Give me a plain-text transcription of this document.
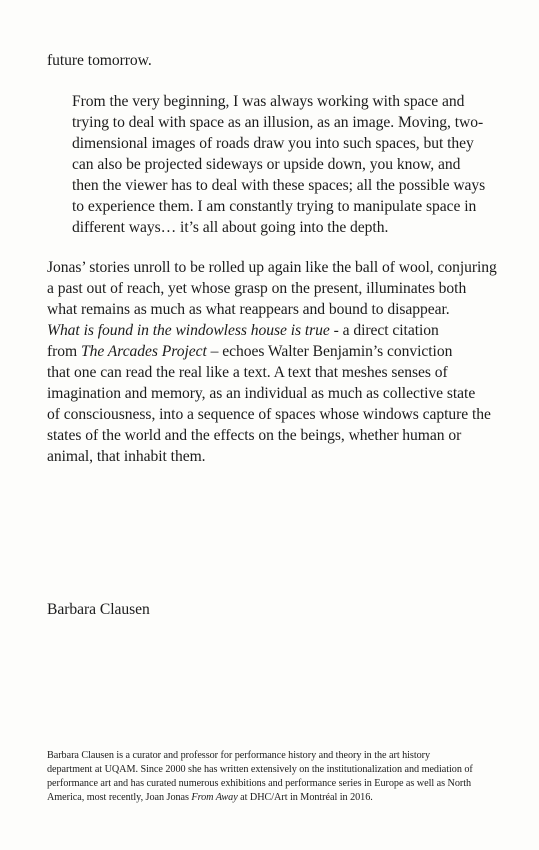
future tomorrow.
From the very beginning, I was always working with space and
trying to deal with space as an illusion, as an image. Moving, two-
dimensional images of roads draw you into such spaces, but they
can also be projected sideways or upside down, you know, and
then the viewer has to deal with these spaces; all the possible ways
to experience them. I am constantly trying to manipulate space in
different ways… it’s all about going into the depth.
Jonas’ stories unroll to be rolled up again like the ball of wool, conjuring
a past out of reach, yet whose grasp on the present, illuminates both
what remains as much as what reappears and bound to disappear.
What is found in the windowless house is true - a direct citation
from The Arcades Project – echoes Walter Benjamin’s conviction
that one can read the real like a text. A text that meshes senses of
imagination and memory, as an individual as much as collective state
of consciousness, into a sequence of spaces whose windows capture the
states of the world and the effects on the beings, whether human or
animal, that inhabit them.
Barbara Clausen
Barbara Clausen is a curator and professor for performance history and theory in the art history
department at UQAM. Since 2000 she has written extensively on the institutionalization and mediation of
performance art and has curated numerous exhibitions and performance series in Europe as well as North
America, most recently, Joan Jonas From Away at DHC/Art in Montréal in 2016.
